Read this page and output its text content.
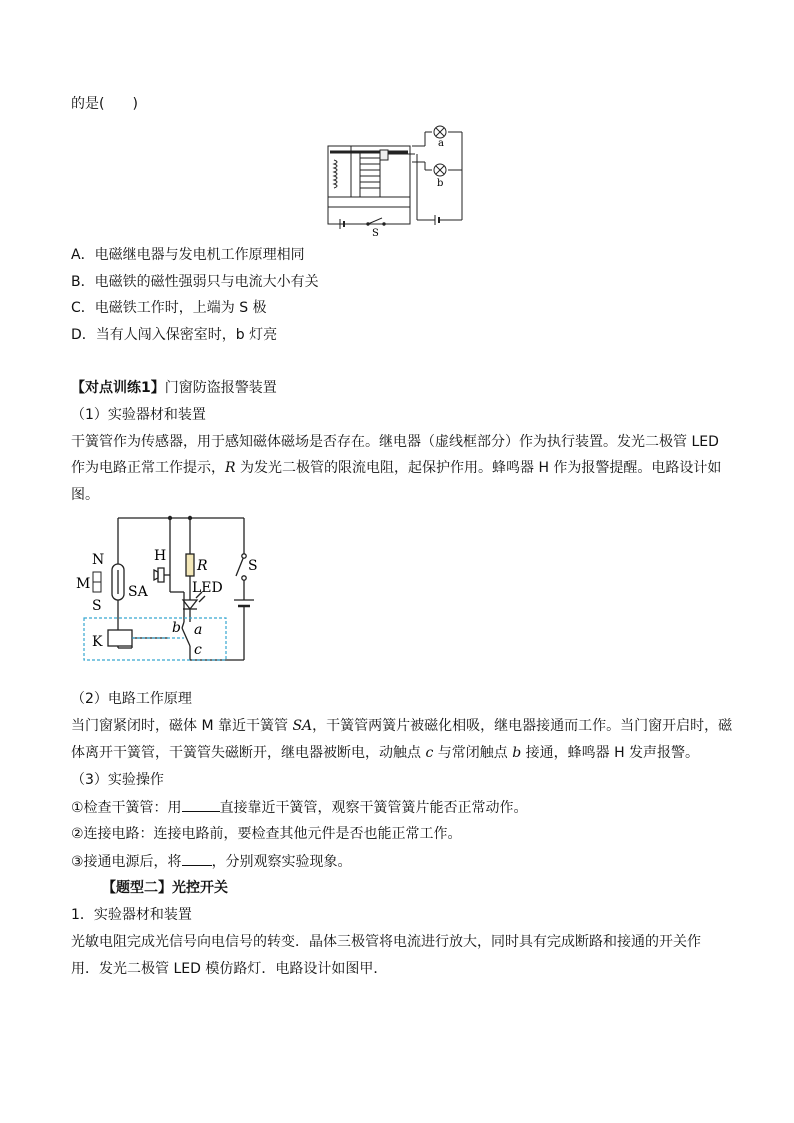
的是(　　)
a
b
S
A．电磁继电器与发电机工作原理相同
B．电磁铁的磁性强弱只与电流大小有关
C．电磁铁工作时，上端为 S 极
D．当有人闯入保密室时，b 灯亮
【对点训练1】门窗防盗报警装置
（1）实验器材和装置
干簧管作为传感器，用于感知磁体磁场是否存在。继电器（虚线框部分）作为执行装置。发光二极管 LED
作为电路正常工作提示，R 为发光二极管的限流电阻，起保护作用。蜂鸣器 H 作为报警提醒。电路设计如
图。
N
M
S
SA
H
R
LED
S
K
a
b
c
（2）电路工作原理
当门窗紧闭时，磁体 M 靠近干簧管 SA，干簧管两簧片被磁化相吸，继电器接通而工作。当门窗开启时，磁
体离开干簧管，干簧管失磁断开，继电器被断电，动触点 c 与常闭触点 b 接通，蜂鸣器 H 发声报警。
（3）实验操作
①检查干簧管：用	直接靠近干簧管，观察干簧管簧片能否正常动作。
②连接电路：连接电路前，要检查其他元件是否也能正常工作。
③接通电源后，将 ，分别观察实验现象。
【题型二】光控开关
1．实验器材和装置
光敏电阻完成光信号向电信号的转变．晶体三极管将电流进行放大，同时具有完成断路和接通的开关作
用．发光二极管 LED 模仿路灯．电路设计如图甲．
